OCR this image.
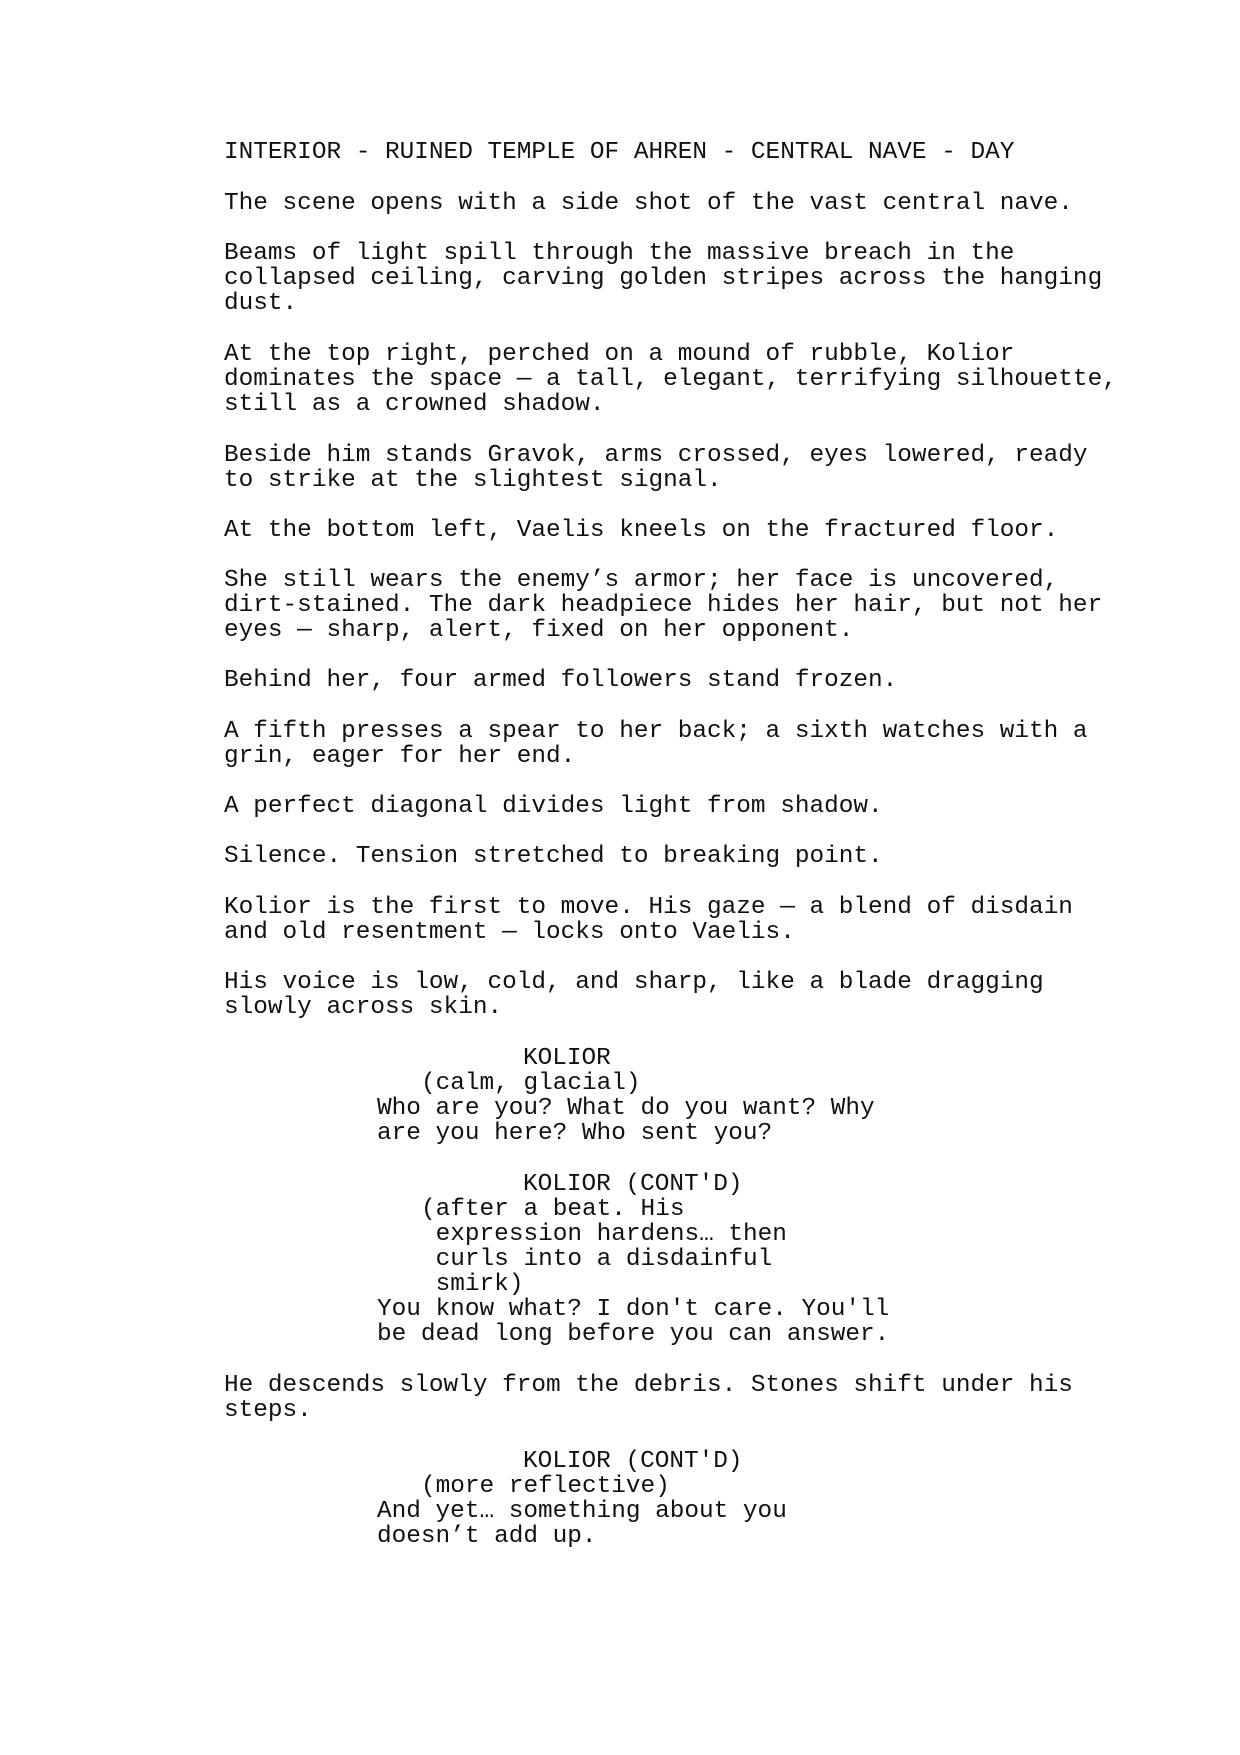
INTERIOR - RUINED TEMPLE OF AHREN - CENTRAL NAVE - DAY
The scene opens with a side shot of the vast central nave.
Beams of light spill through the massive breach in the
collapsed ceiling, carving golden stripes across the hanging
dust.
At the top right, perched on a mound of rubble, Kolior
dominates the space — a tall, elegant, terrifying silhouette,
still as a crowned shadow.
Beside him stands Gravok, arms crossed, eyes lowered, ready
to strike at the slightest signal.
At the bottom left, Vaelis kneels on the fractured floor.
She still wears the enemy’s armor; her face is uncovered,
dirt-stained. The dark headpiece hides her hair, but not her
eyes — sharp, alert, fixed on her opponent.
Behind her, four armed followers stand frozen.
A fifth presses a spear to her back; a sixth watches with a
grin, eager for her end.
A perfect diagonal divides light from shadow.
Silence. Tension stretched to breaking point.
Kolior is the first to move. His gaze — a blend of disdain
and old resentment — locks onto Vaelis.
His voice is low, cold, and sharp, like a blade dragging
slowly across skin.
KOLIOR
(calm, glacial)
Who are you? What do you want? Why
are you here? Who sent you?
KOLIOR (CONT'D)
(after a beat. His
expression hardens… then
curls into a disdainful
smirk)
You know what? I don't care. You'll
be dead long before you can answer.
He descends slowly from the debris. Stones shift under his
steps.
KOLIOR (CONT'D)
(more reflective)
And yet… something about you
doesn’t add up.
